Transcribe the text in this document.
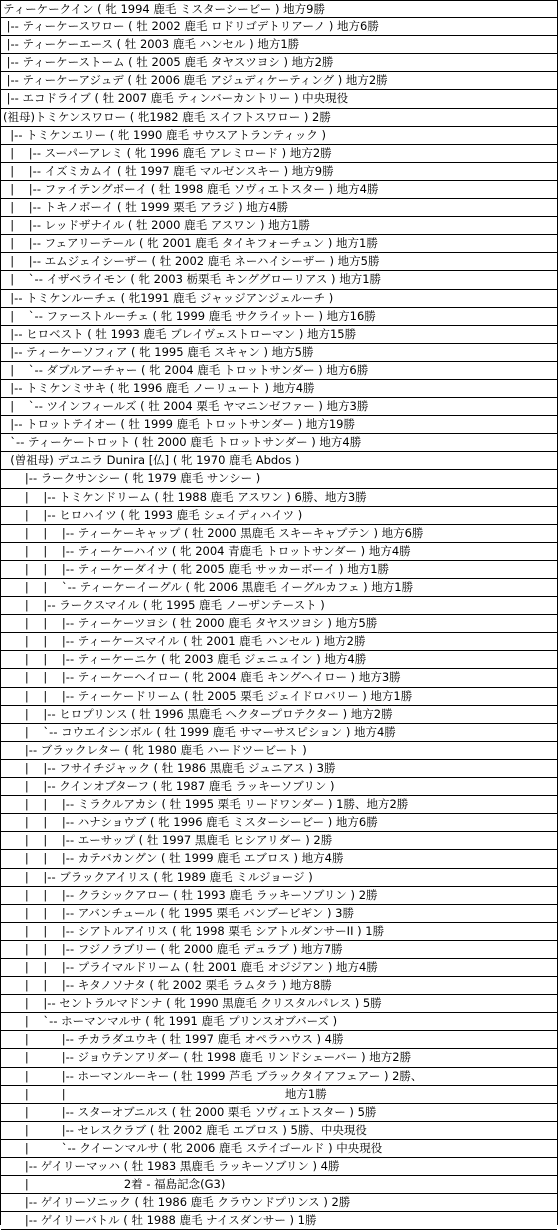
ティーケークイン ( 牝 1994 鹿毛 ミスターシービー ) 地方9勝
|-- ティーケースワロー ( 牡 2002 鹿毛 ロドリゴデトリアーノ ) 地方6勝
|-- ティーケーエース ( 牡 2003 鹿毛 ハンセル ) 地方1勝
|-- ティーケーストーム ( 牡 2005 鹿毛 タヤスツヨシ ) 地方2勝
|-- ティーケーアジュデ ( 牡 2006 鹿毛 アジュディケーティング ) 地方2勝
|-- エコドライブ ( 牡 2007 鹿毛 ティンバーカントリー ) 中央現役
(祖母)トミケンスワロー ( 牝1982 鹿毛 スイフトスワロー ) 2勝
|-- トミケンエリー ( 牝 1990 鹿毛 サウスアトランティック )
|    |-- スーパーアレミ ( 牝 1996 鹿毛 アレミロード ) 地方2勝
|    |-- イズミカムイ ( 牡 1997 鹿毛 マルゼンスキー ) 地方9勝
|    |-- ファイテングボーイ ( 牡 1998 鹿毛 ソヴィエトスター ) 地方4勝
|    |-- トキノボーイ ( 牡 1999 栗毛 アラジ ) 地方4勝
|    |-- レッドザナイル ( 牡 2000 鹿毛 アスワン ) 地方1勝
|    |-- フェアリーテール ( 牝 2001 鹿毛 タイキフォーチュン ) 地方1勝
|    |-- エムジェイシーザー ( 牡 2002 鹿毛 ネーハイシーザー ) 地方5勝
|    `-- イザベライモン ( 牝 2003 栃栗毛 キンググローリアス ) 地方1勝
|-- トミケンルーチェ ( 牝1991 鹿毛 ジャッジアンジェルーチ )
|    `-- ファーストルーチェ ( 牝 1999 鹿毛 サクライットー ) 地方16勝
|-- ヒロベスト ( 牡 1993 鹿毛 ブレイヴェストローマン ) 地方15勝
|-- ティーケーソフィア ( 牝 1995 鹿毛 スキャン ) 地方5勝
|    `-- ダブルアーチャー ( 牝 2004 鹿毛 トロットサンダー ) 地方6勝
|-- トミケンミサキ ( 牝 1996 鹿毛 ノーリュート ) 地方4勝
|    `-- ツインフィールズ ( 牡 2004 栗毛 ヤマニンゼファー ) 地方3勝
|-- トロットテイオー ( 牡 1999 鹿毛 トロットサンダー ) 地方19勝
`-- ティーケートロット ( 牡 2000 鹿毛 トロットサンダー ) 地方4勝
(曽祖母) デユニラ Dunira [仏] ( 牝 1970 鹿毛 Abdos )
|-- ラークサンシー ( 牝 1979 鹿毛 サンシー )
|    |-- トミケンドリーム ( 牡 1988 鹿毛 アスワン ) 6勝、地方3勝
|    |-- ヒロハイツ ( 牝 1993 鹿毛 シェイディハイツ )
|    |    |-- ティーケーキャップ ( 牡 2000 黒鹿毛 スキーキャプテン ) 地方6勝
|    |    |-- ティーケーハイツ ( 牝 2004 青鹿毛 トロットサンダー ) 地方4勝
|    |    |-- ティーケーダイナ ( 牝 2005 鹿毛 サッカーボーイ ) 地方1勝
|    |    `-- ティーケーイーグル ( 牝 2006 黒鹿毛 イーグルカフェ ) 地方1勝
|    |-- ラークスマイル ( 牝 1995 鹿毛 ノーザンテースト )
|    |    |-- ティーケーツヨシ ( 牡 2000 鹿毛 タヤスツヨシ ) 地方5勝
|    |    |-- ティーケースマイル ( 牡 2001 鹿毛 ハンセル ) 地方2勝
|    |    |-- ティーケーニケ ( 牝 2003 鹿毛 ジェニュイン ) 地方4勝
|    |    |-- ティーケーヘイロー ( 牝 2004 鹿毛 キングヘイロー ) 地方3勝
|    |    |-- ティーケードリーム ( 牡 2005 栗毛 ジェイドロバリー ) 地方1勝
|    |-- ヒロプリンス ( 牡 1996 黒鹿毛 ヘクタープロテクター ) 地方2勝
|    `-- コウエイシンボル ( 牡 1999 鹿毛 サマーサスピション ) 地方4勝
|-- ブラックレター ( 牝 1980 鹿毛 ハードツービート )
|    |-- フサイチジャック ( 牡 1986 黒鹿毛 ジュニアス ) 3勝
|    |-- クインオブターフ ( 牝 1987 鹿毛 ラッキーソブリン )
|    |    |-- ミラクルアカシ ( 牡 1995 栗毛 リードワンダー ) 1勝、地方2勝
|    |    |-- ハナショウブ ( 牝 1996 鹿毛 ミスターシービー ) 地方6勝
|    |    |-- エーサップ ( 牡 1997 黒鹿毛 ヒシアリダー ) 2勝
|    |    |-- カテバカングン ( 牡 1999 鹿毛 エブロス ) 地方4勝
|    |-- ブラックアイリス ( 牝 1989 鹿毛 ミルジョージ )
|    |    |-- クラシックアロー ( 牡 1993 鹿毛 ラッキーソブリン ) 2勝
|    |    |-- アバンチュール ( 牝 1995 栗毛 バンブービギン ) 3勝
|    |    |-- シアトルアイリス ( 牝 1998 栗毛 シアトルダンサーII ) 1勝
|    |    |-- フジノラブリー ( 牝 2000 鹿毛 デュラブ ) 地方7勝
|    |    |-- プライマルドリーム ( 牡 2001 鹿毛 オジジアン ) 地方4勝
|    |    |-- キタノソナタ ( 牝 2002 栗毛 ラムタラ ) 地方8勝
|    |-- セントラルマドンナ ( 牝 1990 黒鹿毛 クリスタルパレス ) 5勝
|    `-- ホーマンマルサ ( 牝 1991 鹿毛 プリンスオブバーズ )
|         |-- チカラダユウキ ( 牡 1997 鹿毛 オペラハウス ) 4勝
|         |-- ジョウテンアリダー ( 牡 1998 鹿毛 リンドシェーバー ) 地方2勝
|         |-- ホーマンルーキー ( 牡 1999 芦毛 ブラックタイアフェアー ) 2勝、
|         |                                                            地方1勝
|         |-- スターオブニルス ( 牡 2000 栗毛 ソヴィエトスター ) 5勝
|         |-- セレスクラブ ( 牡 2002 鹿毛 エブロス ) 5勝、中央現役
|         `-- クイーンマルサ ( 牝 2006 鹿毛 ステイゴールド ) 中央現役
|-- ゲイリーマッハ ( 牡 1983 黒鹿毛 ラッキーソブリン ) 4勝
|                          2着 - 福島記念(G3)
|-- ゲイリーソニック ( 牡 1986 鹿毛 クラウンドプリンス ) 2勝
|-- ゲイリーバトル ( 牡 1988 鹿毛 ナイスダンサー ) 1勝
